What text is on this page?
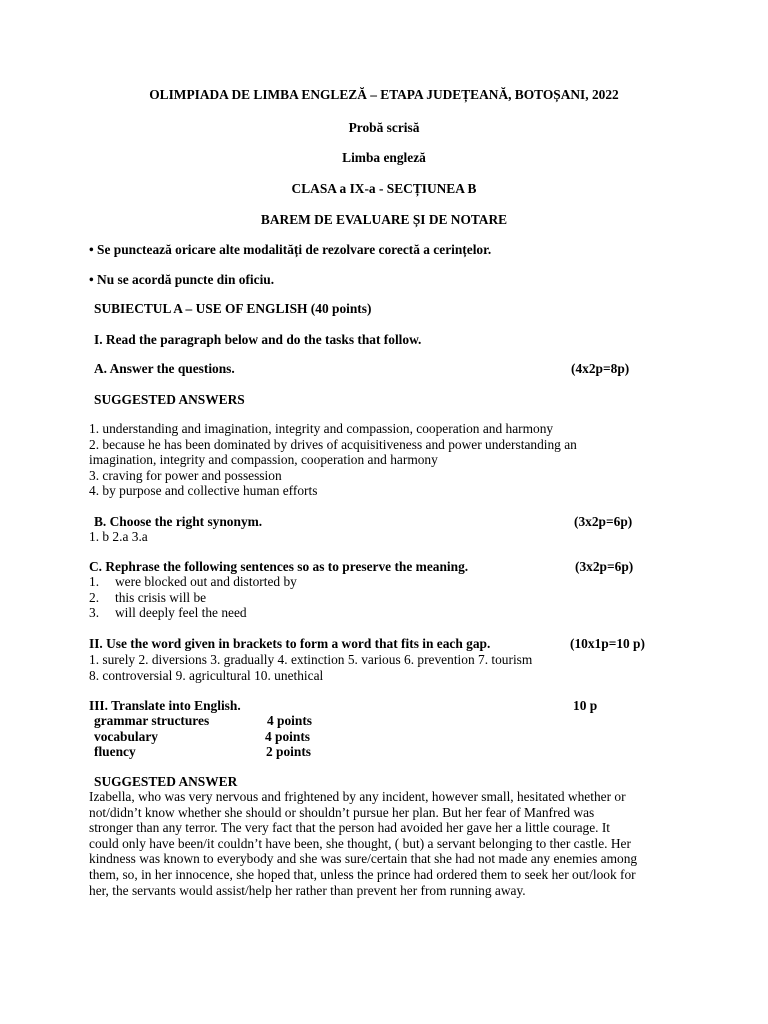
OLIMPIADA DE LIMBA ENGLEZĂ – ETAPA JUDEȚEANĂ, BOTOȘANI, 2022
Probă scrisă
Limba engleză
CLASA a IX-a - SECȚIUNEA B
BAREM DE EVALUARE ȘI DE NOTARE
• Se punctează oricare alte modalități de rezolvare corectă a cerințelor.
• Nu se acordă puncte din oficiu.
SUBIECTUL A – USE OF ENGLISH (40 points)
I. Read the paragraph below and do the tasks that follow.
A. Answer the questions.	(4x2p=8p)
SUGGESTED ANSWERS
1. understanding and imagination, integrity and compassion, cooperation and harmony
2. because he has been dominated by drives of acquisitiveness and power understanding an
imagination, integrity and compassion, cooperation and harmony
3. craving for power and possession
4. by purpose and collective human efforts
B. Choose the right synonym.	(3x2p=6p)
1. b 2.a 3.a
C. Rephrase the following sentences so as to preserve the meaning.	(3x2p=6p)
1. were blocked out and distorted by
2. this crisis will be
3. will deeply feel the need
II. Use the word given in brackets to form a word that fits in each gap.	(10x1p=10 p)
1. surely 2. diversions 3. gradually 4. extinction 5. various 6. prevention 7. tourism
8. controversial 9. agricultural 10. unethical
III. Translate into English.	10 p
grammar structures	4 points

vocabulary	4 points

fluency	2 points

SUGGESTED ANSWER
Izabella, who was very nervous and frightened by any incident, however small, hesitated whether or
not/didn’t know whether she should or shouldn’t pursue her plan. But her fear of Manfred was
stronger than any terror. The very fact that the person had avoided her gave her a little courage. It
could only have been/it couldn’t have been, she thought, ( but) a servant belonging to ther castle. Her
kindness was known to everybody and she was sure/certain that she had not made any enemies among
them, so, in her innocence, she hoped that, unless the prince had ordered them to seek her out/look for
her, the servants would assist/help her rather than prevent her from running away.
